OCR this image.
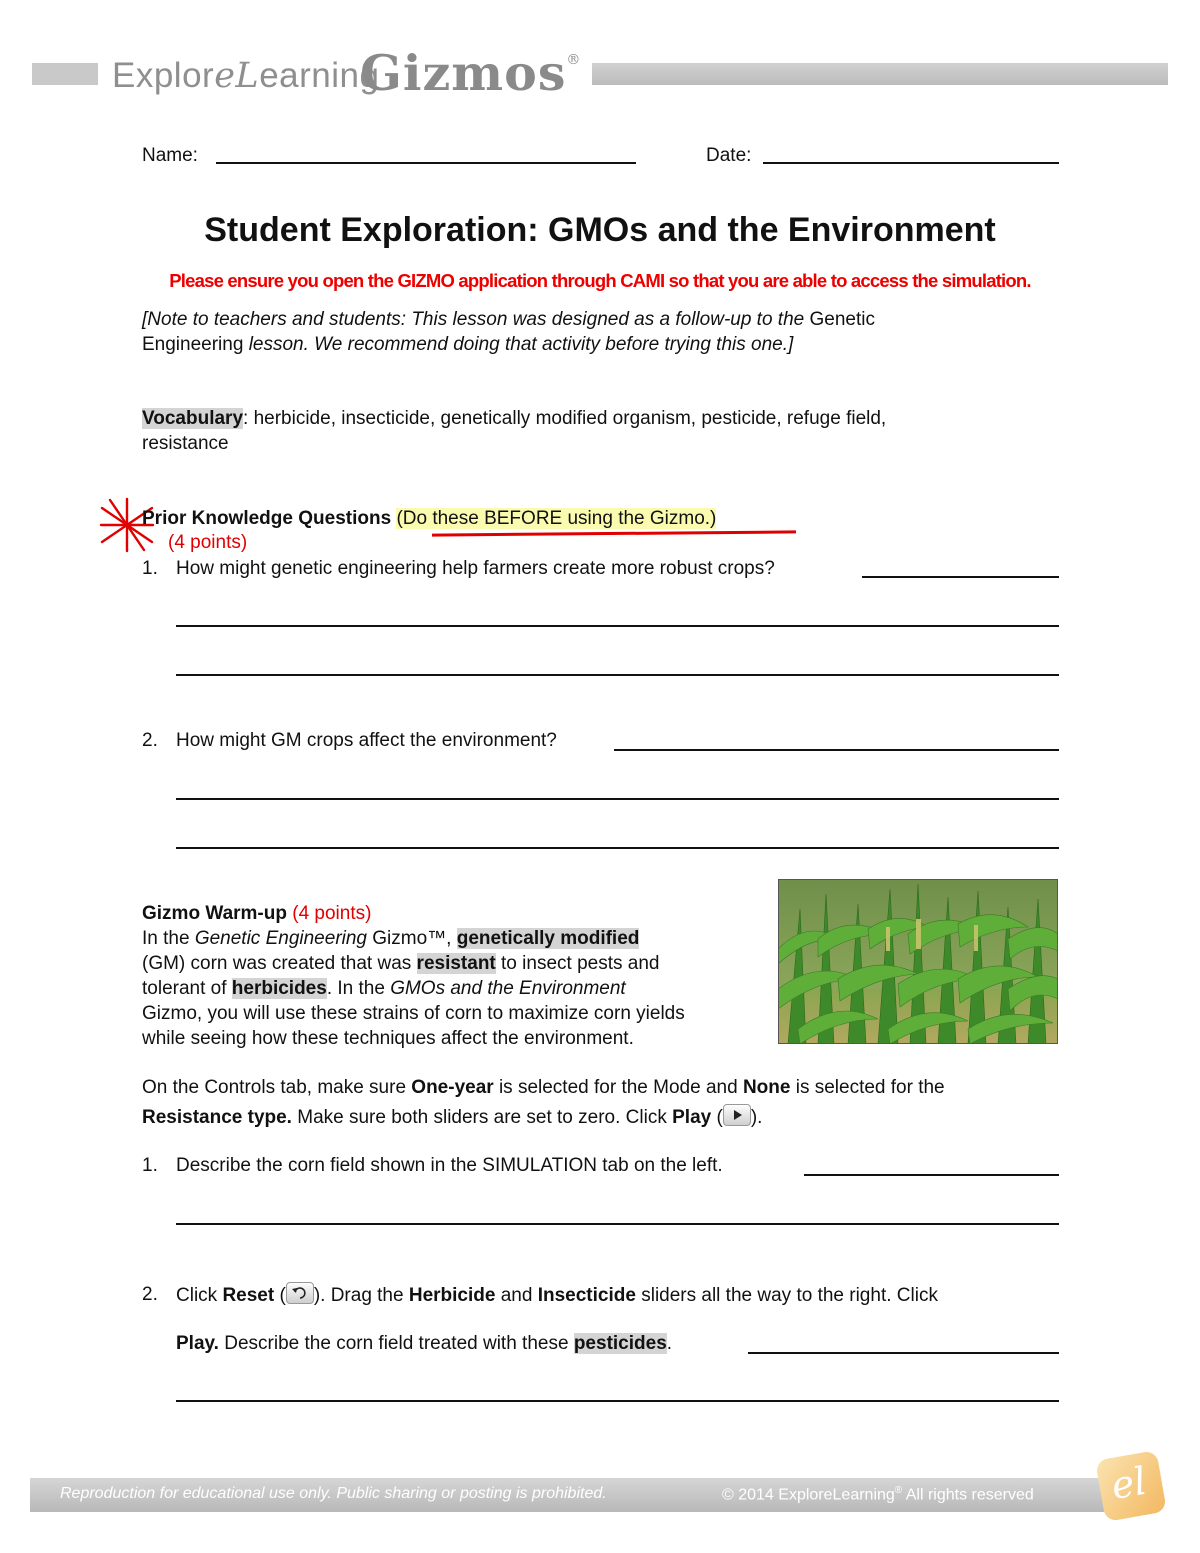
ExploreLearning
Gizmos®
Name:	Date:
Student Exploration: GMOs and the Environment
Please ensure you open the GIZMO application through CAMI so that you are able to access the simulation.
[Note to teachers and students: This lesson was designed as a follow-up to the Genetic
Engineering lesson. We recommend doing that activity before trying this one.]
Vocabulary: herbicide, insecticide, genetically modified organism, pesticide, refuge field,
resistance
Prior Knowledge Questions (Do these BEFORE using the Gizmo.)
(4 points)
1. How might genetic engineering help farmers create more robust crops?
2. How might GM crops affect the environment?
Gizmo Warm-up (4 points)
In the Genetic Engineering Gizmo™, genetically modified
(GM) corn was created that was resistant to insect pests and
tolerant of herbicides. In the GMOs and the Environment
Gizmo, you will use these strains of corn to maximize corn yields
while seeing how these techniques affect the environment.
On the Controls tab, make sure One-year is selected for the Mode and None is selected for the
Resistance type. Make sure both sliders are set to zero. Click Play ( ).
1. Describe the corn field shown in the SIMULATION tab on the left.
2. Click Reset ( ). Drag the Herbicide and Insecticide sliders all the way to the right. Click
Play. Describe the corn field treated with these pesticides.
Reproduction for educational use only. Public sharing or posting is prohibited.	© 2014 ExploreLearning® All rights reserved el
